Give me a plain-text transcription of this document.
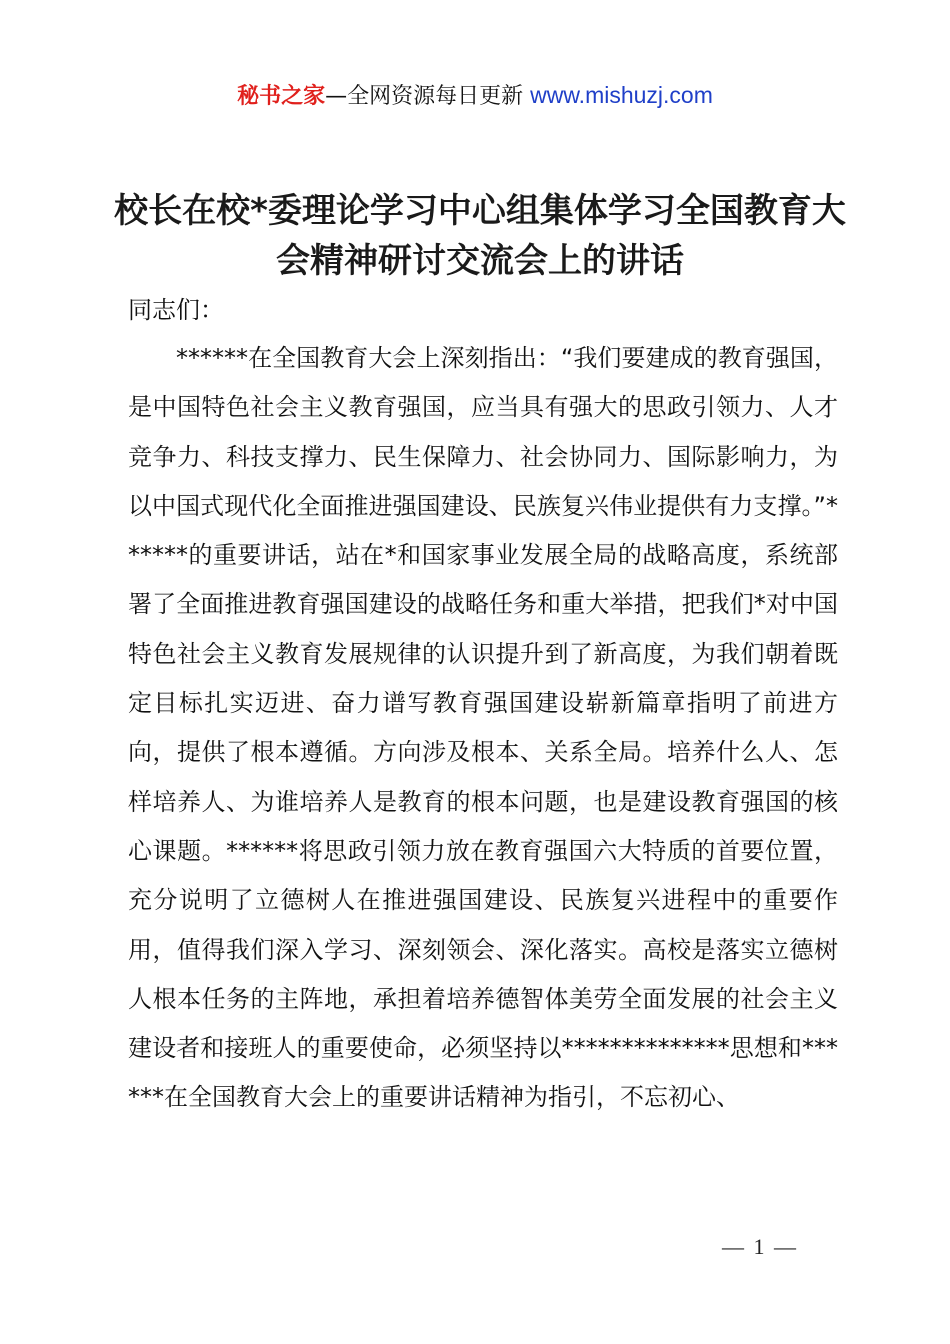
秘书之家—全网资源每日更新 www.mishuzj.com
校长在校*委理论学习中心组集体学习全国教育大会精神研讨交流会上的讲话
同志们：
******在全国教育大会上深刻指出：“我们要建成的教育强国，是中国特色社会主义教育强国，应当具有强大的思政引领力、人才竞争力、科技支撑力、民生保障力、社会协同力、国际影响力，为以中国式现代化全面推进强国建设、民族复兴伟业提供有力支撑。”******的重要讲话，站在*和国家事业发展全局的战略高度，系统部署了全面推进教育强国建设的战略任务和重大举措，把我们*对中国特色社会主义教育发展规律的认识提升到了新高度，为我们朝着既定目标扎实迈进、奋力谱写教育强国建设崭新篇章指明了前进方向，提供了根本遵循。方向涉及根本、关系全局。培养什么人、怎样培养人、为谁培养人是教育的根本问题，也是建设教育强国的核心课题。******将思政引领力放在教育强国六大特质的首要位置，充分说明了立德树人在推进强国建设、民族复兴进程中的重要作用，值得我们深入学习、深刻领会、深化落实。高校是落实立德树人根本任务的主阵地，承担着培养德智体美劳全面发展的社会主义建设者和接班人的重要使命，必须坚持以**************思想和******在全国教育大会上的重要讲话精神为指引，不忘初心、
— 1 —
